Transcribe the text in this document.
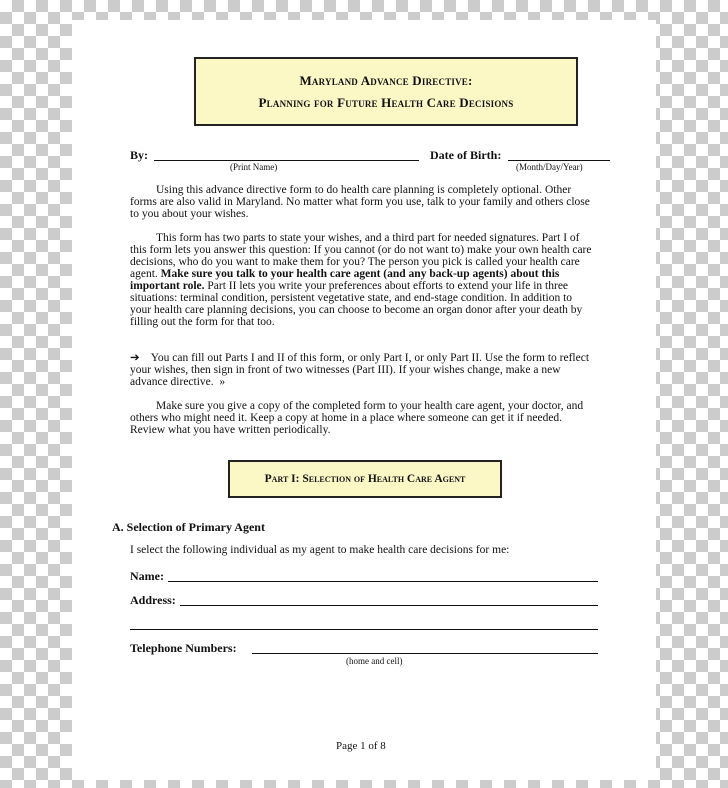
Maryland Advance Directive:
Planning for Future Health Care Decisions
By:
(Print Name)
Date of Birth:
(Month/Day/Year)

Using this advance directive form to do health care planning is completely optional. Other forms are also valid in Maryland. No matter what form you use, talk to your family and others close to you about your wishes.

This form has two parts to state your wishes, and a third part for needed signatures. Part I of this form lets you answer this question: If you cannot (or do not want to) make your own health care decisions, who do you want to make them for you? The person you pick is called your health care agent. Make sure you talk to your health care agent (and any back-up agents) about this important role. Part II lets you write your preferences about efforts to extend your life in three situations: terminal condition, persistent vegetative state, and end-stage condition. In addition to your health care planning decisions, you can choose to become an organ donor after your death by filling out the form for that too.

➔ You can fill out Parts I and II of this form, or only Part I, or only Part II. Use the form to reflect your wishes, then sign in front of two witnesses (Part III). If your wishes change, make a new advance directive. »

Make sure you give a copy of the completed form to your health care agent, your doctor, and others who might need it. Keep a copy at home in a place where someone can get it if needed. Review what you have written periodically.

Part I: Selection of Health Care Agent
A. Selection of Primary Agent
I select the following individual as my agent to make health care decisions for me:
Name:
Address:
Telephone Numbers:
(home and cell)
Page 1 of 8
